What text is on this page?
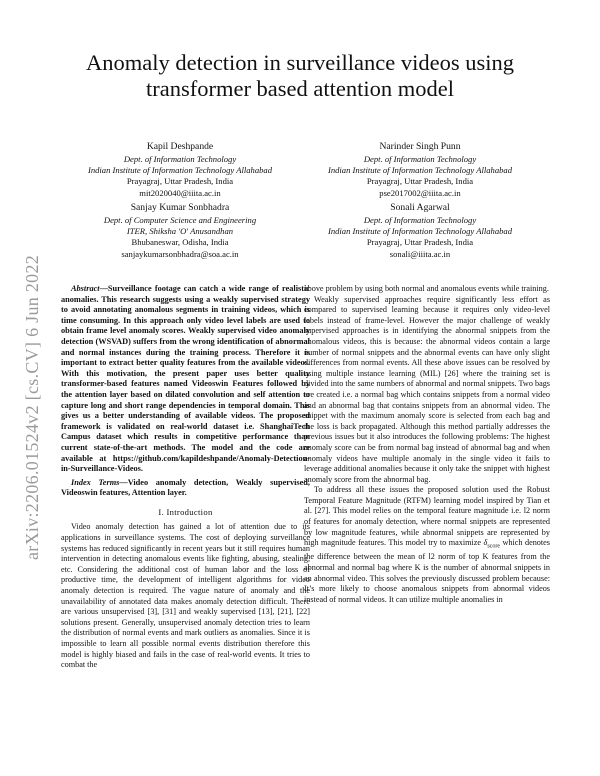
Anomaly detection in surveillance videos using transformer based attention model
Kapil Deshpande
Dept. of Information Technology
Indian Institute of Information Technology Allahabad
Prayagraj, Uttar Pradesh, India
mit2020040@iiita.ac.in
Narinder Singh Punn
Dept. of Information Technology
Indian Institute of Information Technology Allahabad
Prayagraj, Uttar Pradesh, India
pse2017002@iiita.ac.in
Sanjay Kumar Sonbhadra
Dept. of Computer Science and Engineering
ITER, Shiksha 'O' Anusandhan
Bhubaneswar, Odisha, India
sanjaykumarsonbhadra@soa.ac.in
Sonali Agarwal
Dept. of Information Technology
Indian Institute of Information Technology Allahabad
Prayagraj, Uttar Pradesh, India
sonali@iiita.ac.in
arXiv:2206.01524v2 [cs.CV] 6 Jun 2022	Abstract—Surveillance footage can catch a wide range of realistic anomalies. This research suggests using a weakly supervised strategy to avoid annotating anomalous segments in training videos, which is time consuming. In this approach only video level labels are used to obtain frame level anomaly scores. Weakly supervised video anomaly detection (WSVAD) suffers from the wrong identification of abnormal and normal instances during the training process. Therefore it is important to extract better quality features from the available videos. With this motivation, the present paper uses better quality transformer-based features named Videoswin Features followed by the attention layer based on dilated convolution and self attention to capture long and short range dependencies in temporal domain. This gives us a better understanding of available videos. The proposed framework is validated on real-world dataset i.e. ShanghaiTech Campus dataset which results in competitive performance than current state-of-the-art methods. The model and the code are available at https://github.com/kapildeshpande/Anomaly-Detection-in-Surveillance-Videos.

Index Terms—Video anomaly detection, Weakly supervised, Videoswin features, Attention layer.

I. Introduction

Video anomaly detection has gained a lot of attention due to its applications in surveillance systems. The cost of deploying surveillance systems has reduced significantly in recent years but it still requires human intervention in detecting anomalous events like fighting, abusing, stealing, etc. Considering the additional cost of human labor and the loss of productive time, the development of intelligent algorithms for video anomaly detection is required. The vague nature of anomaly and the unavailability of annotated data makes anomaly detection difficult. There are various unsupervised [3], [31] and weakly supervised [13], [21], [22] solutions present. Generally, unsupervised anomaly detection tries to learn the distribution of normal events and mark outliers as anomalies. Since it is impossible to learn all possible normal events distribution therefore this model is highly biased and fails in the case of real-world events. It tries to combat the

above problem by using both normal and anomalous events while training.

Weakly supervised approaches require significantly less effort as compared to supervised learning because it requires only video-level labels instead of frame-level. However the major challenge of weakly supervised approaches is in identifying the abnormal snippets from the anomalous videos, this is because: the abnormal videos contain a large number of normal snippets and the abnormal events can have only slight differences from normal events. All these above issues can be resolved by using multiple instance learning (MIL) [26] where the training set is divided into the same numbers of abnormal and normal snippets. Two bags are created i.e. a normal bag which contains snippets from a normal video and an abnormal bag that contains snippets from an abnormal video. The snippet with the maximum anomaly score is selected from each bag and the loss is back propagated. Although this method partially addresses the previous issues but it also introduces the following problems: The highest anomaly score can be from normal bag instead of abnormal bag and when anomaly videos have multiple anomaly in the single video it fails to leverage additional anomalies because it only take the snippet with highest anomaly score from the abnormal bag.

To address all these issues the proposed solution used the Robust Temporal Feature Magnitude (RTFM) learning model inspired by Tian et al. [27]. This model relies on the temporal feature magnitude i.e. l2 norm of features for anomaly detection, where normal snippets are represented by low magnitude features, while abnormal snippets are represented by high magnitude features. This model try to maximize $\delta_{score}$ which denotes the difference between the mean of l2 norm of top K features from the abnormal and normal bag where K is the number of abnormal snippets in an abnormal video. This solves the previously discussed problem because: It’s more likely to choose anomalous snippets from abnormal videos instead of normal videos. It can utilize multiple anomalies in
